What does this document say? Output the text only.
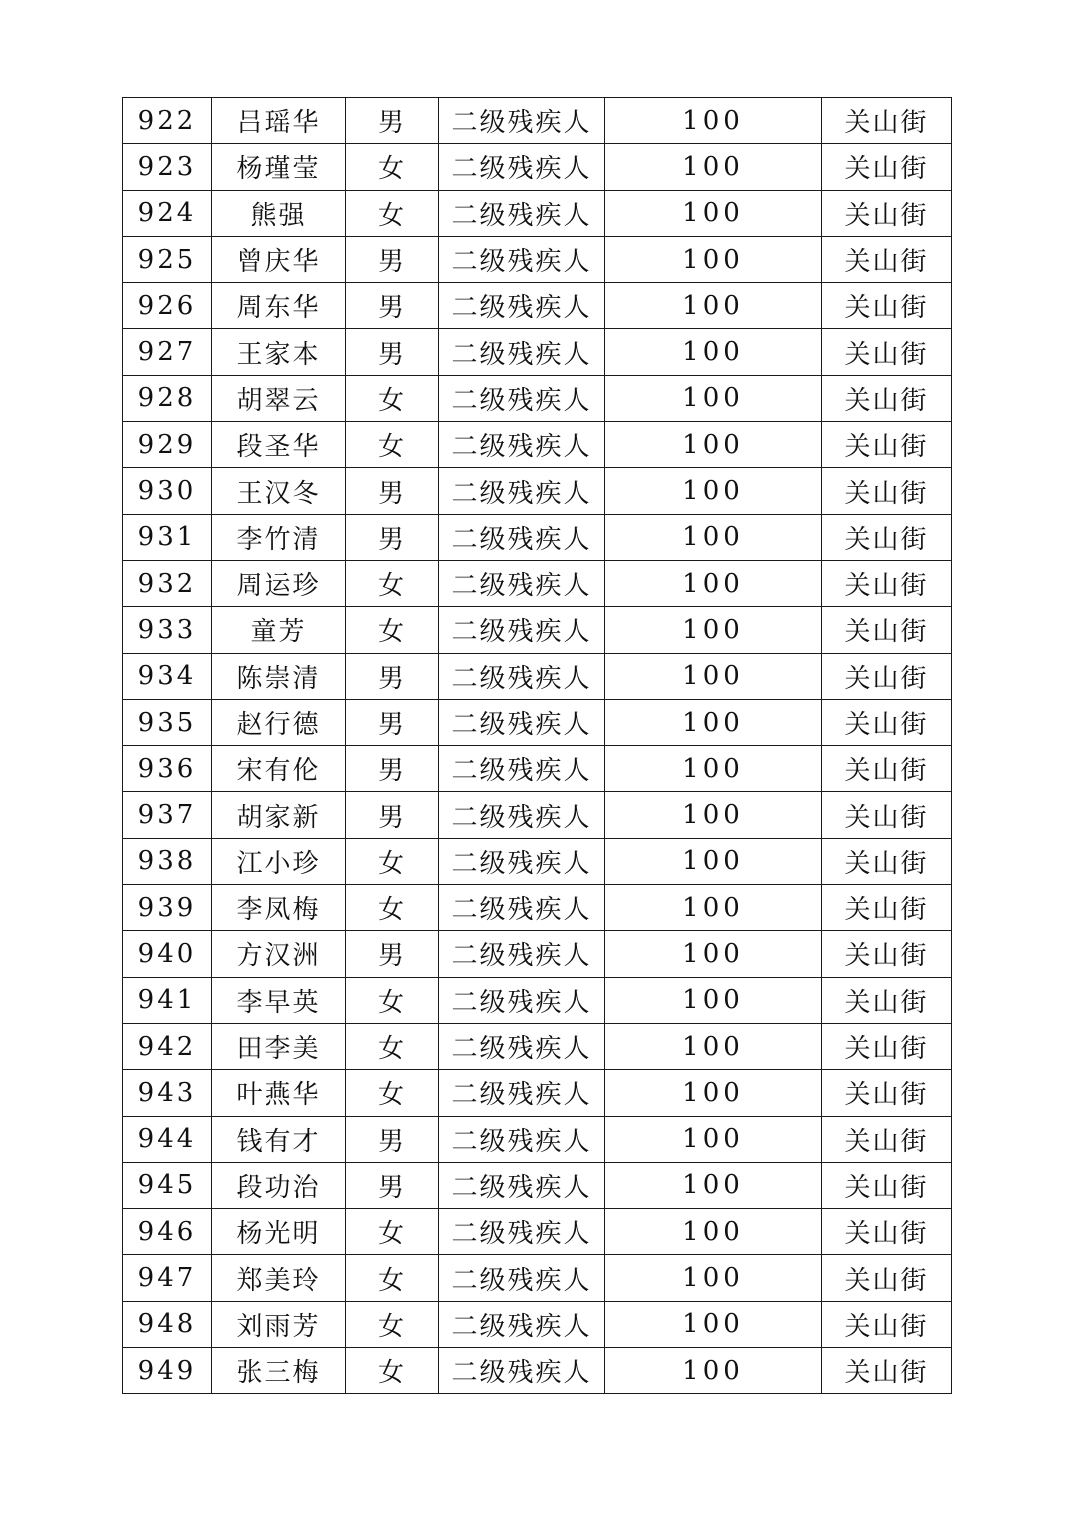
922	吕瑶华	男	二级残疾人	100	关山街
923	杨瑾莹	女	二级残疾人	100	关山街
924	熊强	女	二级残疾人	100	关山街
925	曾庆华	男	二级残疾人	100	关山街
926	周东华	男	二级残疾人	100	关山街
927	王家本	男	二级残疾人	100	关山街
928	胡翠云	女	二级残疾人	100	关山街
929	段圣华	女	二级残疾人	100	关山街
930	王汉冬	男	二级残疾人	100	关山街
931	李竹清	男	二级残疾人	100	关山街
932	周运珍	女	二级残疾人	100	关山街
933	童芳	女	二级残疾人	100	关山街
934	陈崇清	男	二级残疾人	100	关山街
935	赵行德	男	二级残疾人	100	关山街
936	宋有伦	男	二级残疾人	100	关山街
937	胡家新	男	二级残疾人	100	关山街
938	江小珍	女	二级残疾人	100	关山街
939	李凤梅	女	二级残疾人	100	关山街
940	方汉洲	男	二级残疾人	100	关山街
941	李早英	女	二级残疾人	100	关山街
942	田李美	女	二级残疾人	100	关山街
943	叶燕华	女	二级残疾人	100	关山街
944	钱有才	男	二级残疾人	100	关山街
945	段功治	男	二级残疾人	100	关山街
946	杨光明	女	二级残疾人	100	关山街
947	郑美玲	女	二级残疾人	100	关山街
948	刘雨芳	女	二级残疾人	100	关山街
949	张三梅	女	二级残疾人	100	关山街
